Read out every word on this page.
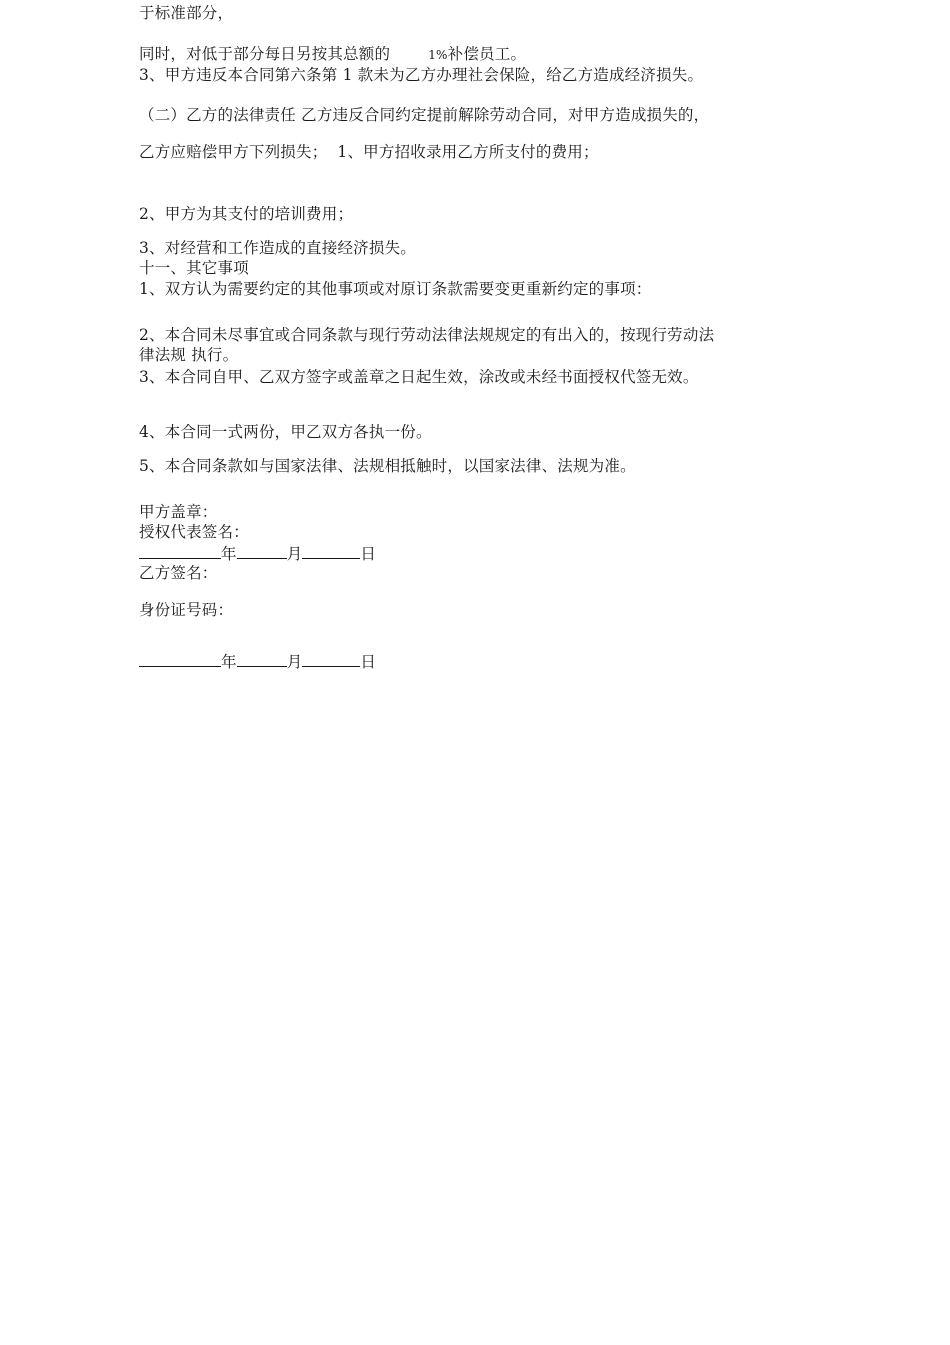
于标准部分，
同时，对低于部分每日另按其总额的	1%补偿员工。
3、甲方违反本合同第六条第 1 款未为乙方办理社会保险，给乙方造成经济损失。
（二）乙方的法律责任 乙方违反合同约定提前解除劳动合同，对甲方造成损失的，
乙方应赔偿甲方下列损失； 1、甲方招收录用乙方所支付的费用；
2、甲方为其支付的培训费用；
3、对经营和工作造成的直接经济损失。
十一、其它事项
1、双方认为需要约定的其他事项或对原订条款需要变更重新约定的事项：
2、本合同未尽事宜或合同条款与现行劳动法律法规规定的有出入的，按现行劳动法
律法规 执行。
3、本合同自甲、乙双方签字或盖章之日起生效，涂改或未经书面授权代签无效。
4、本合同一式两份，甲乙双方各执一份。
5、本合同条款如与国家法律、法规相抵触时，以国家法律、法规为准。
甲方盖章：
授权代表签名：
年	月	日
乙方签名：
身份证号码：
年	月	日
